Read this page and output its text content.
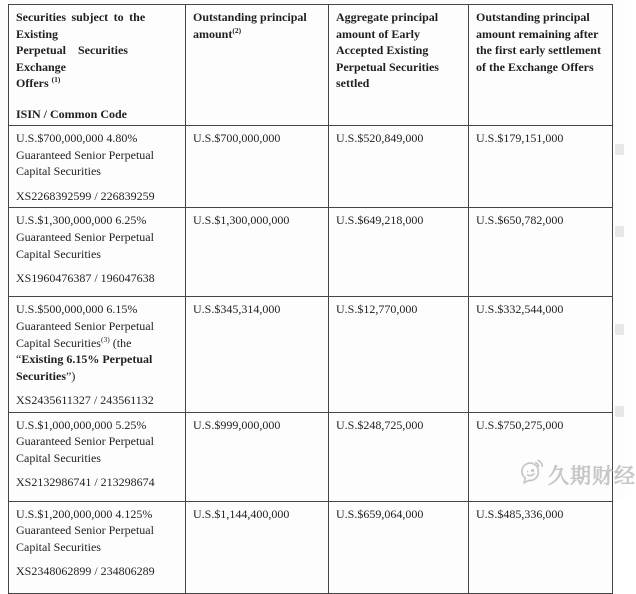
Securities subject to the Existing
Perpetual Securities Exchange
Offers $^{(1)}$
ISIN / Common Code	Outstanding principal amount$^{(2)}$	Aggregate principal amount of Early Accepted Existing Perpetual Securities settled	Outstanding principal amount remaining after the first early settlement of the Exchange Offers

U.S.$700,000,000 4.80% Guaranteed Senior Perpetual Capital Securities

XS2268392599 / 226839259	U.S.$700,000,000	U.S.$520,849,000	U.S.$179,151,000

U.S.$1,300,000,000 6.25% Guaranteed Senior Perpetual Capital Securities

XS1960476387 / 196047638	U.S.$1,300,000,000	U.S.$649,218,000	U.S.$650,782,000

U.S.$500,000,000 6.15% Guaranteed Senior Perpetual Capital Securities$^{(3)}$ (the “Existing 6.15% Perpetual Securities”)

XS2435611327 / 243561132	U.S.$345,314,000	U.S.$12,770,000	U.S.$332,544,000

U.S.$1,000,000,000 5.25% Guaranteed Senior Perpetual Capital Securities

XS2132986741 / 213298674	U.S.$999,000,000	U.S.$248,725,000	U.S.$750,275,000

U.S.$1,200,000,000 4.125% Guaranteed Senior Perpetual Capital Securities

XS2348062899 / 234806289	U.S.$1,144,400,000	U.S.$659,064,000	U.S.$485,336,000

久期财经
